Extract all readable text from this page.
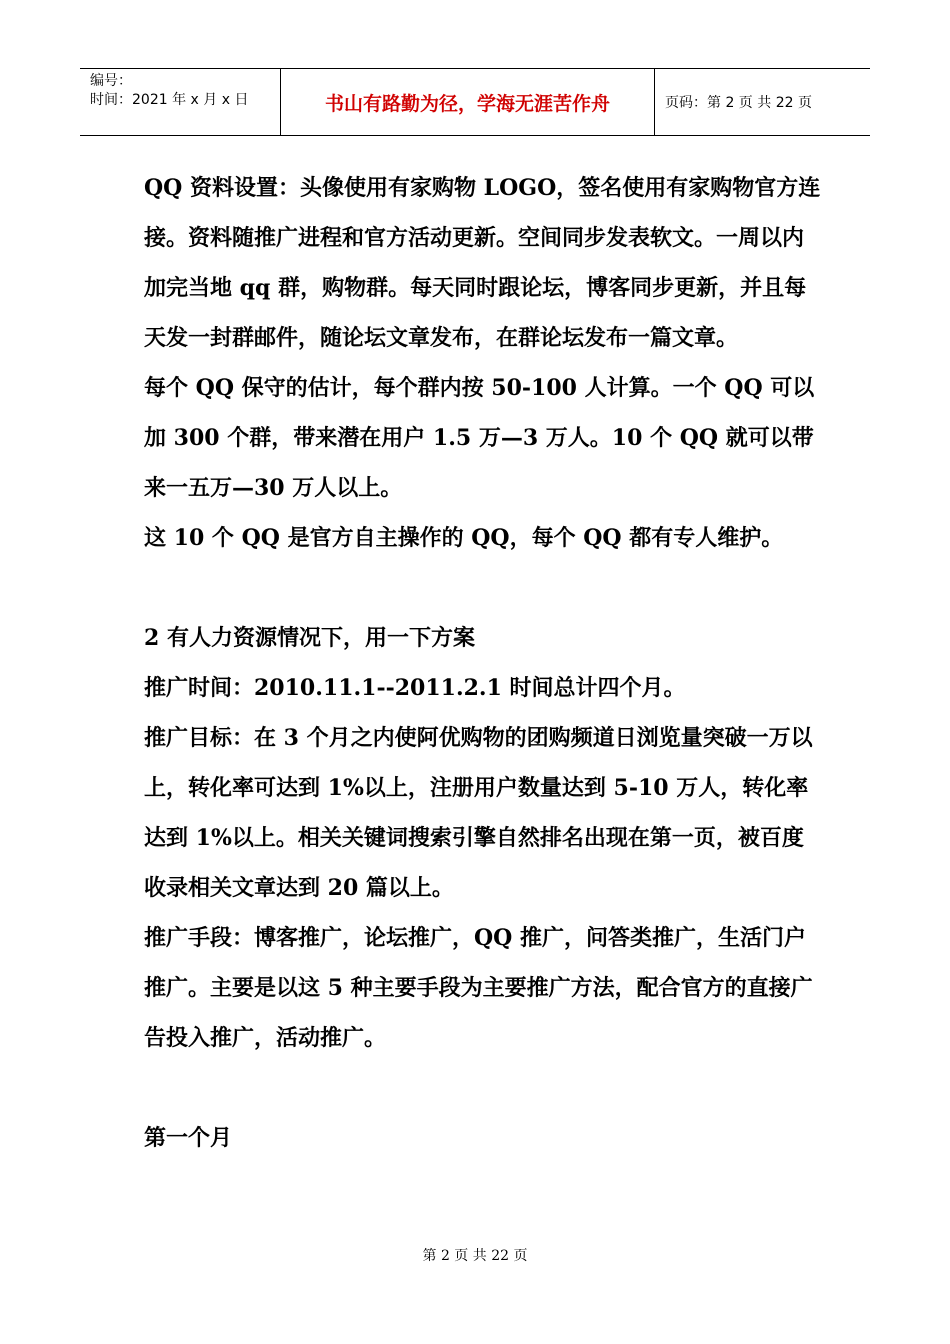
编号：
时间：2021 年 x 月 x 日	书山有路勤为径，学海无涯苦作舟	页码：第 2 页 共 22 页

QQ 资料设置：头像使用有家购物 LOGO，签名使用有家购物官方连接。资料随推广进程和官方活动更新。空间同步发表软文。一周以内加完当地 qq 群，购物群。每天同时跟论坛，博客同步更新，并且每天发一封群邮件，随论坛文章发布，在群论坛发布一篇文章。

每个 QQ 保守的估计，每个群内按 50-100 人计算。一个 QQ 可以加 300 个群，带来潜在用户 1.5 万—3 万人。10 个 QQ 就可以带来一五万—30 万人以上。

这 10 个 QQ 是官方自主操作的 QQ，每个 QQ 都有专人维护。

2 有人力资源情况下，用一下方案

推广时间：2010.11.1--2011.2.1 时间总计四个月。

推广目标：在 3 个月之内使阿优购物的团购频道日浏览量突破一万以上，转化率可达到 1%以上，注册用户数量达到 5-10 万人，转化率达到 1%以上。相关关键词搜索引擎自然排名出现在第一页，被百度收录相关文章达到 20 篇以上。

推广手段：博客推广，论坛推广，QQ 推广，问答类推广，生活门户推广。主要是以这 5 种主要手段为主要推广方法，配合官方的直接广告投入推广，活动推广。

第一个月

第 2 页 共 22 页
